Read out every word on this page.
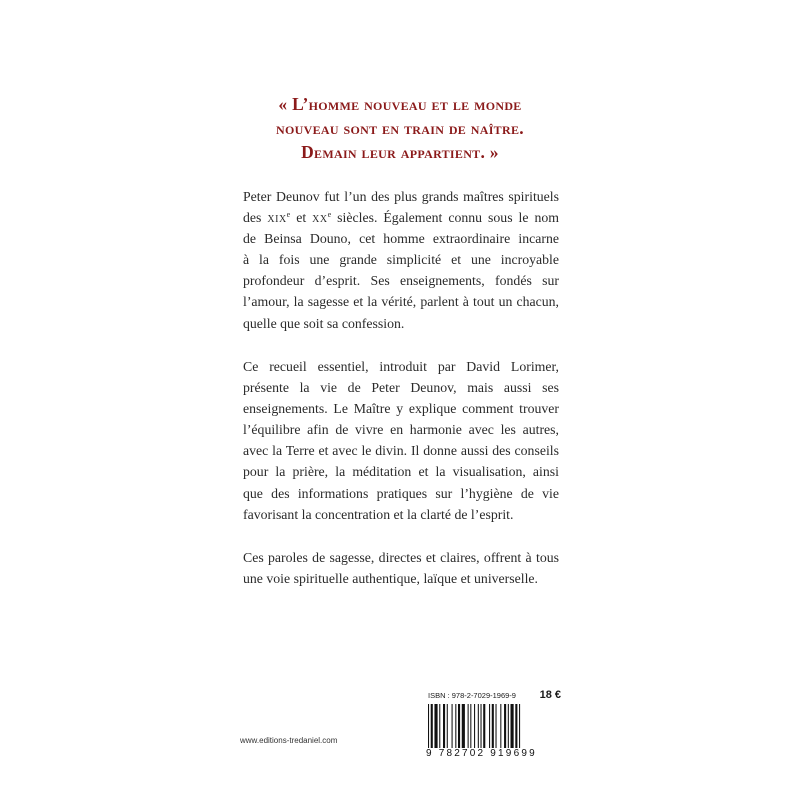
« L’homme nouveau et le monde
nouveau sont en train de naître.
Demain leur appartient. »
Peter Deunov fut l’un des plus grands maîtres spirituels
des xix$^e$ et $xx^e$ siècles. Également connu sous le nom
de Beinsa Douno, cet homme extraordinaire incarne
à la fois une grande simplicité et une incroyable
profondeur d’esprit. Ses enseignements, fondés sur
l’amour, la sagesse et la vérité, parlent à tout un chacun,
quelle que soit sa confession.
Ce recueil essentiel, introduit par David Lorimer,
présente la vie de Peter Deunov, mais aussi ses
enseignements. Le Maître y explique comment trouver
l’équilibre afin de vivre en harmonie avec les autres,
avec la Terre et avec le divin. Il donne aussi des conseils
pour la prière, la méditation et la visualisation, ainsi
que des informations pratiques sur l’hygiène de vie
favorisant la concentration et la clarté de l’esprit.
Ces paroles de sagesse, directes et claires, offrent à tous
une voie spirituelle authentique, laïque et universelle.
ISBN : 978-2-7029-1969-9 18 €
9 782702 919699
www.editions-tredaniel.com
